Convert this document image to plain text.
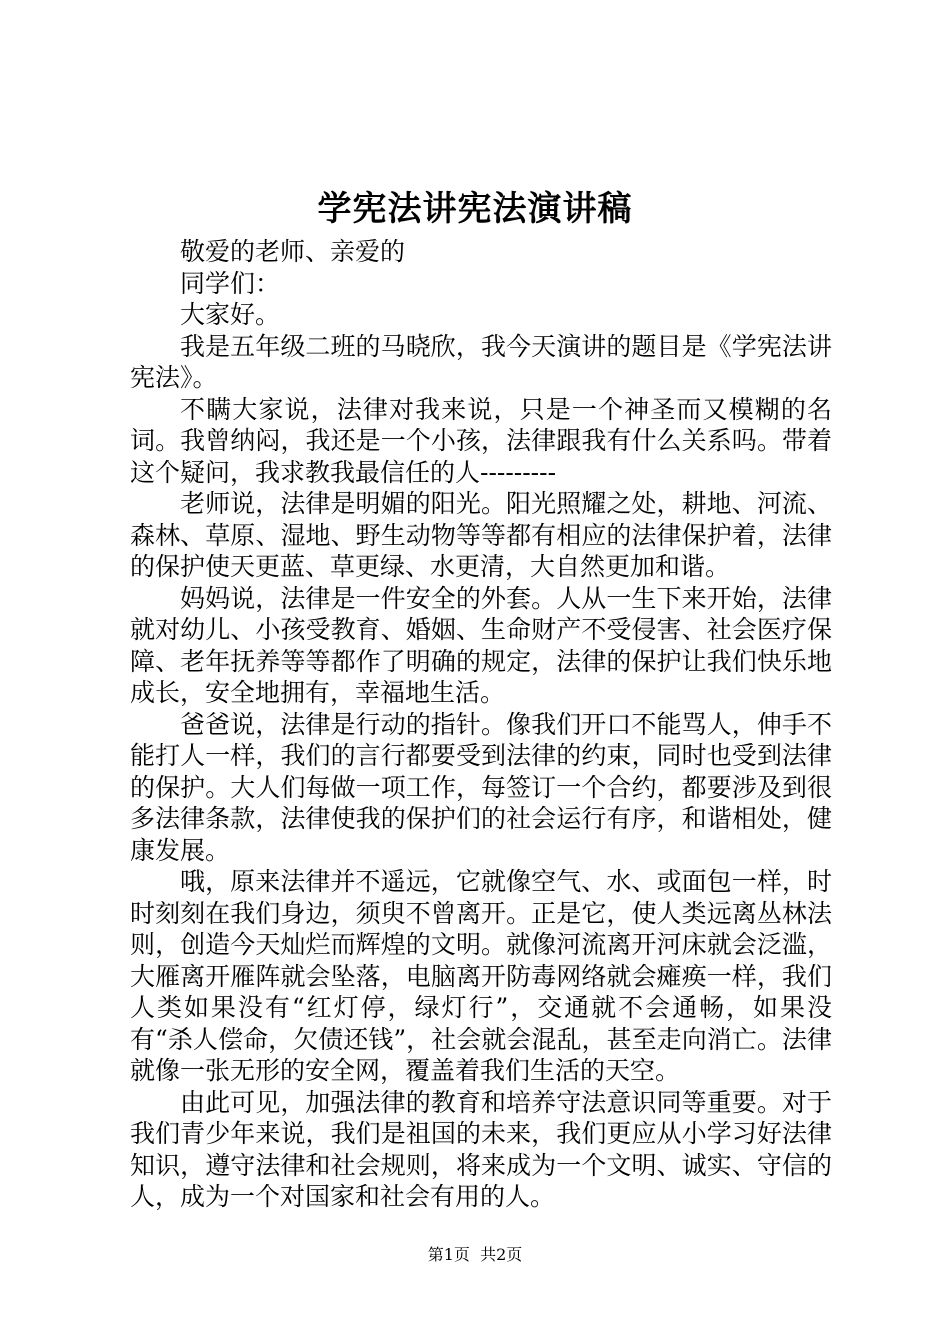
学宪法讲宪法演讲稿

敬爱的老师、亲爱的

同学们：

大家好。

我是五年级二班的马晓欣，我今天演讲的题目是《学宪法讲宪法》。

不瞒大家说，法律对我来说，只是一个神圣而又模糊的名词。我曾纳闷，我还是一个小孩，法律跟我有什么关系吗。带着这个疑问，我求教我最信任的人---------

老师说，法律是明媚的阳光。阳光照耀之处，耕地、河流、森林、草原、湿地、野生动物等等都有相应的法律保护着，法律的保护使天更蓝、草更绿、水更清，大自然更加和谐。

妈妈说，法律是一件安全的外套。人从一生下来开始，法律就对幼儿、小孩受教育、婚姻、生命财产不受侵害、社会医疗保障、老年抚养等等都作了明确的规定，法律的保护让我们快乐地成长，安全地拥有，幸福地生活。

爸爸说，法律是行动的指针。像我们开口不能骂人，伸手不能打人一样，我们的言行都要受到法律的约束，同时也受到法律的保护。大人们每做一项工作，每签订一个合约，都要涉及到很多法律条款，法律使我的保护们的社会运行有序，和谐相处，健康发展。

哦，原来法律并不遥远，它就像空气、水、或面包一样，时时刻刻在我们身边，须臾不曾离开。正是它，使人类远离丛林法则，创造今天灿烂而辉煌的文明。就像河流离开河床就会泛滥，大雁离开雁阵就会坠落，电脑离开防毒网络就会瘫痪一样，我们人类如果没有“红灯停，绿灯行”，交通就不会通畅，如果没有“杀人偿命，欠债还钱”，社会就会混乱，甚至走向消亡。法律就像一张无形的安全网，覆盖着我们生活的天空。

由此可见，加强法律的教育和培养守法意识同等重要。对于我们青少年来说，我们是祖国的未来，我们更应从小学习好法律知识，遵守法律和社会规则，将来成为一个文明、诚实、守信的人，成为一个对国家和社会有用的人。

第1页 共2页
